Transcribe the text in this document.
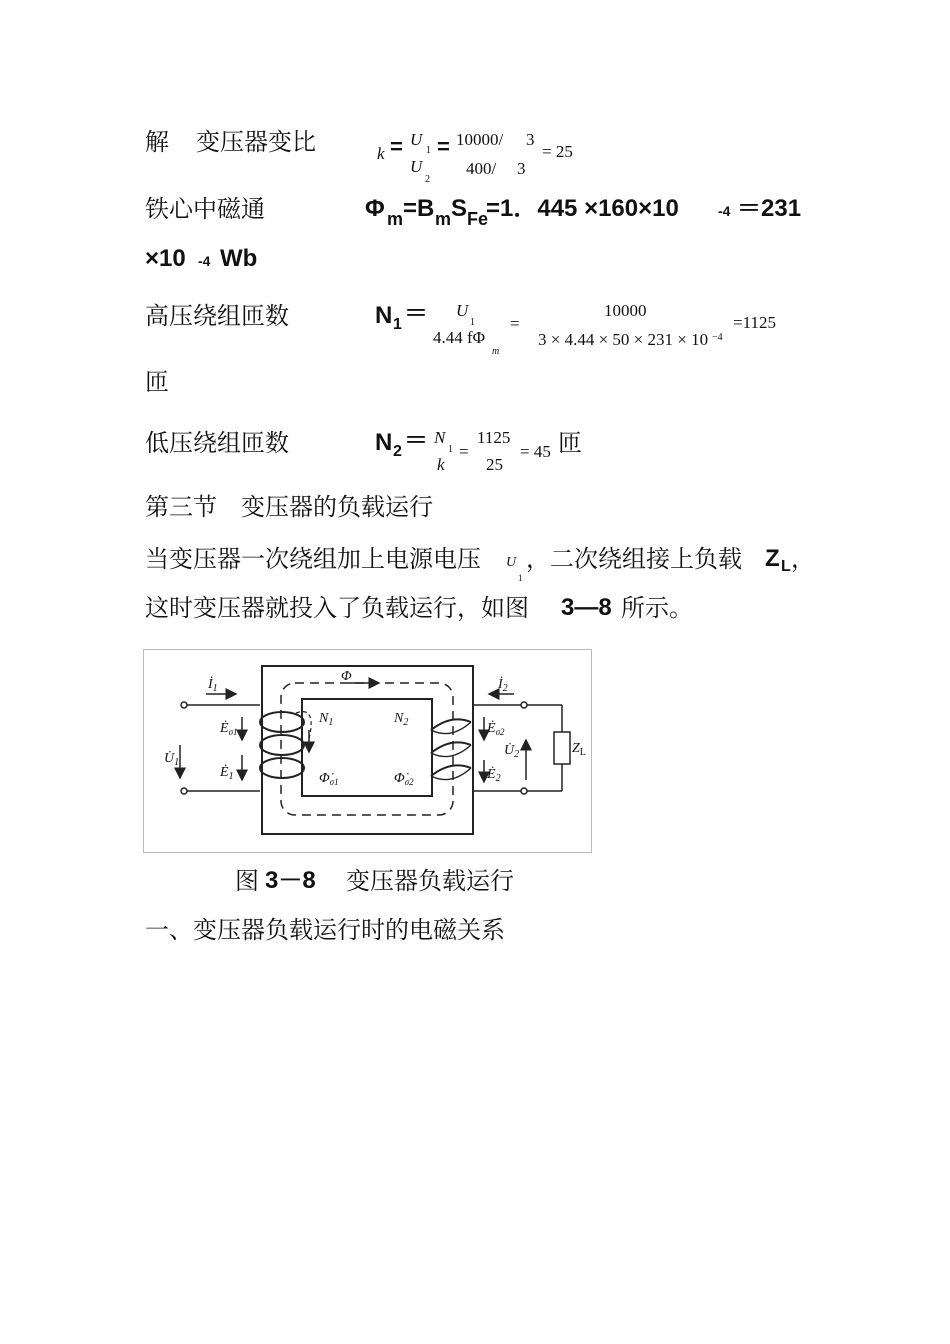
解 变压器变比	k = U
1
U
2
= 10000/ 3
400/ 3
= 25
铁心中磁通	Φ m =B m S Fe
=1．445 ×160×10	-4 ＝231
×10 -4 Wb
高压绕组匝数	N 1 ＝ U
1
4.44 fΦ
m
=
10000
3 × 4.44 × 50 × 231 × 10 −4
=1125
匝
低压绕组匝数	N 2 ＝ N
1
k
=
1125
25
= 45 匝
第三节　变压器的负载运行
当变压器一次绕组加上电源电压 U
1
，二次绕组接上负载 Z L ，
这时变压器就投入了负载运行，如图 3—8 所示。
$İ_1$
Φ
$İ_2$
$N_1$	$N_2$
$Ė_{\sigma 1}$
$Ė_1$
$U̇_1$
$\Phi̇_{\sigma 1}$	$\Phi̇_{\sigma 2}$
$Ė_{\sigma 2}$
$U̇_2$
$Ė_2$
$Z_L$
图 3－8 变压器负载运行
一、变压器负载运行时的电磁关系
